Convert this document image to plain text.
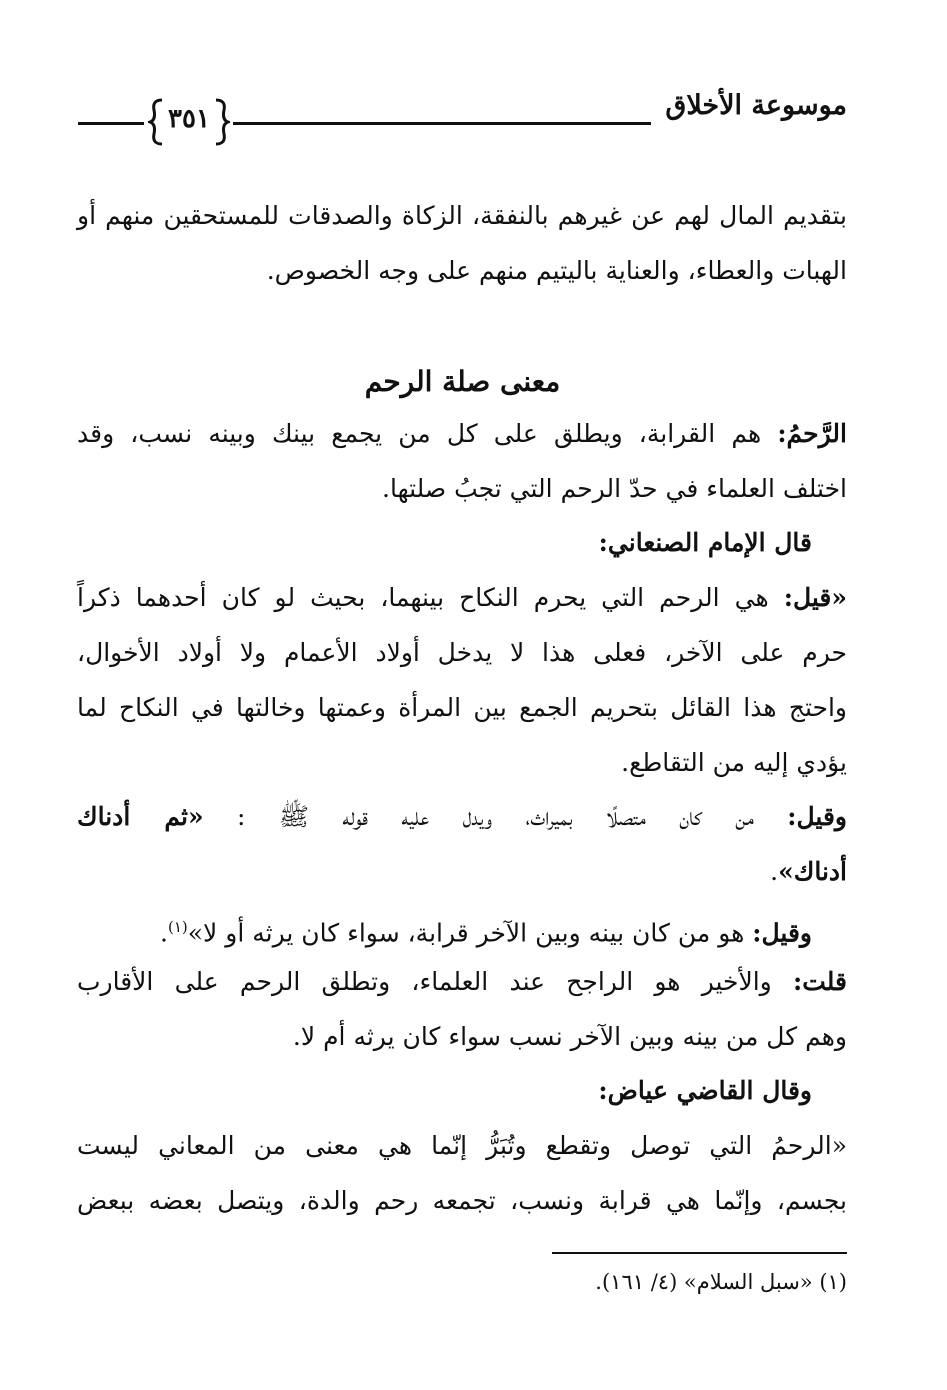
موسوعة الأخلاق
٣٥١
بتقديم المال لهم عن غيرهم بالنفقة، الزكاة والصدقات للمستحقين منهم أو
الهبات والعطاء، والعناية باليتيم منهم على وجه الخصوص.
معنى صلة الرحم
الرَّحمُ: هم القرابة، ويطلق على كل من يجمع بينك وبينه نسب، وقد
اختلف العلماء في حدّ الرحم التي تجبُ صلتها.
قال الإمام الصنعاني:
«قيل: هي الرحم التي يحرم النكاح بينهما، بحيث لو كان أحدهما ذكراً
حرم على الآخر، فعلى هذا لا يدخل أولاد الأعمام ولا أولاد الأخوال،
واحتج هذا القائل بتحريم الجمع بين المرأة وعمتها وخالتها في النكاح لما
يؤدي إليه من التقاطع.
وقيل: من كان متصلًا بميراث، ويدل عليه قوله ﷺ : «ثم أدناك
أدناك».
وقيل: هو من كان بينه وبين الآخر قرابة، سواء كان يرثه أو لا»$^{(١)}$.
قلت: والأخير هو الراجح عند العلماء، وتطلق الرحم على الأقارب
وهم كل من بينه وبين الآخر نسب سواء كان يرثه أم لا.
وقال القاضي عياض:
«الرحمُ التي توصل وتقطع وتُبَرُّ إنّما هي معنى من المعاني ليست
بجسم، وإنّما هي قرابة ونسب، تجمعه رحم والدة، ويتصل بعضه ببعض
(١) «سبل السلام» (٤/ ١٦١).
